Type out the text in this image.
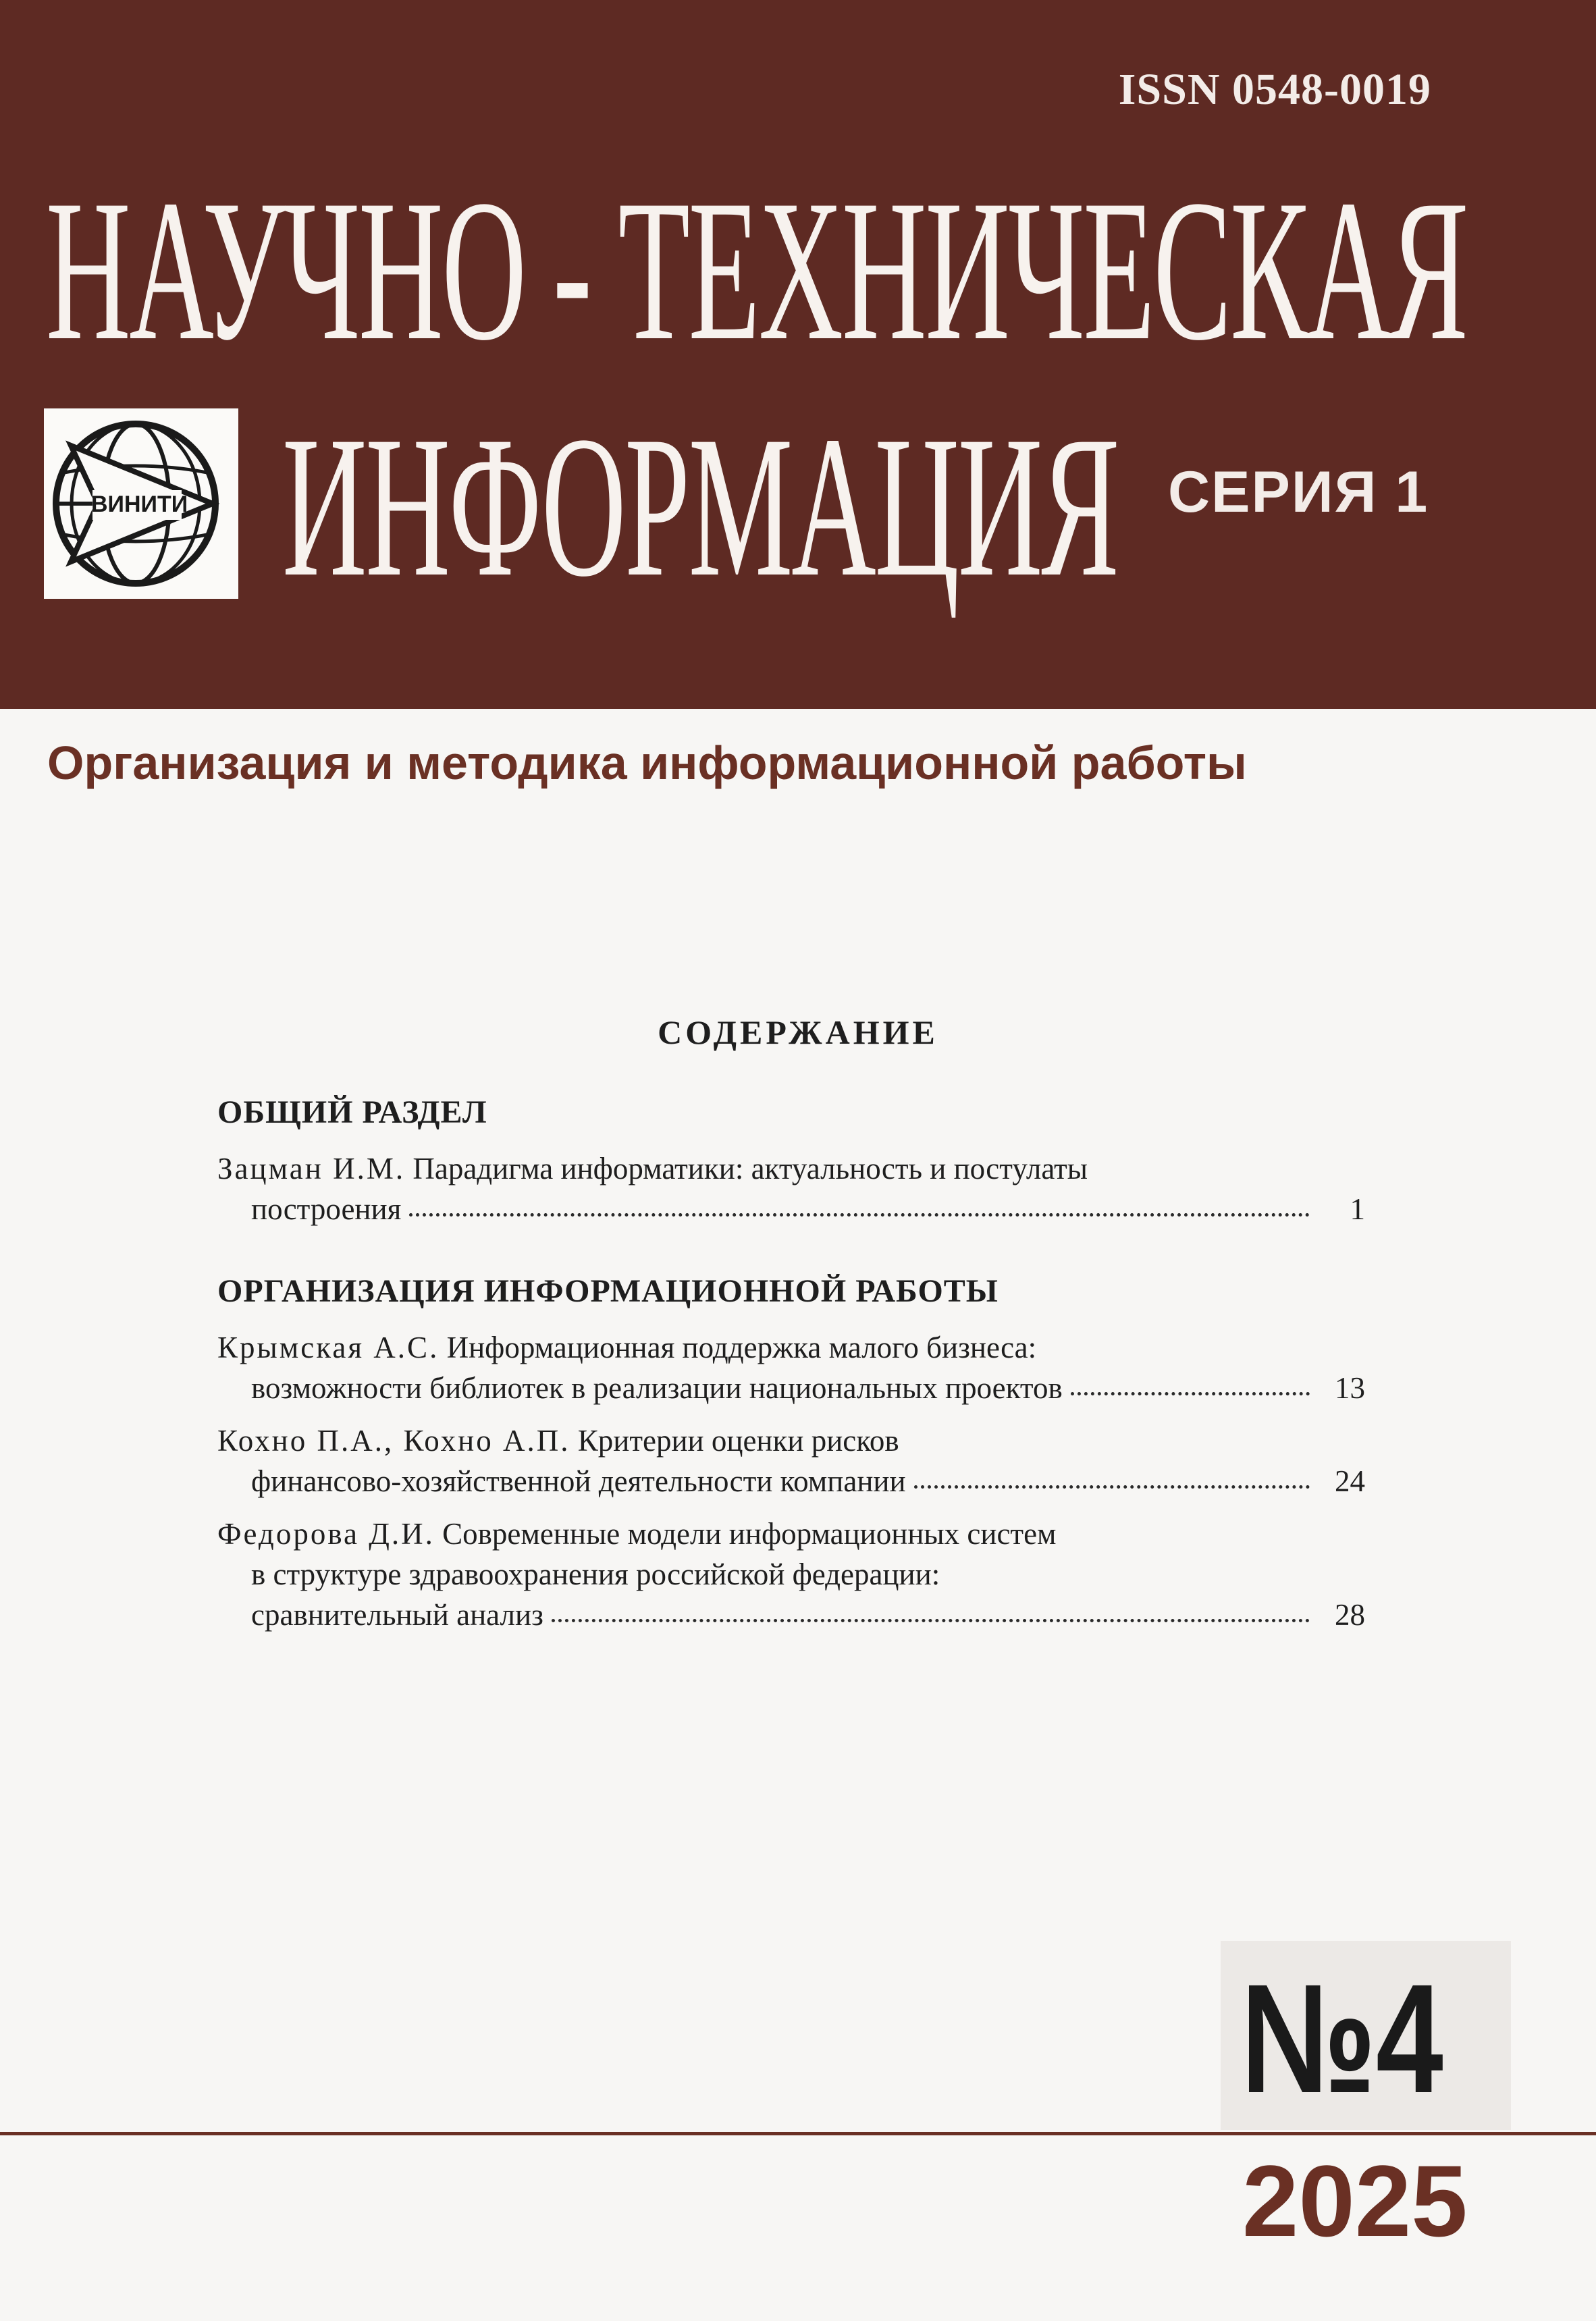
ISSN 0548-0019
НАУЧНО - ТЕХНИЧЕСКАЯ
ИНФОРМАЦИЯ
ВИНИТИ	СЕРИЯ 1
Организация и методика информационной работы
СОДЕРЖАНИЕ
ОБЩИЙ РАЗДЕЛ
Зацман И.М. Парадигма информатики: актуальность и постулаты
построения	1
ОРГАНИЗАЦИЯ ИНФОРМАЦИОННОЙ РАБОТЫ
Крымская А.С. Информационная поддержка малого бизнеса:
возможности библиотек в реализации национальных проектов	13
Кохно П.А., Кохно А.П. Критерии оценки рисков
финансово-хозяйственной деятельности компании	24
Федорова Д.И. Современные модели информационных систем
в структуре здравоохранения российской федерации:
сравнительный анализ	28
№4
2025
